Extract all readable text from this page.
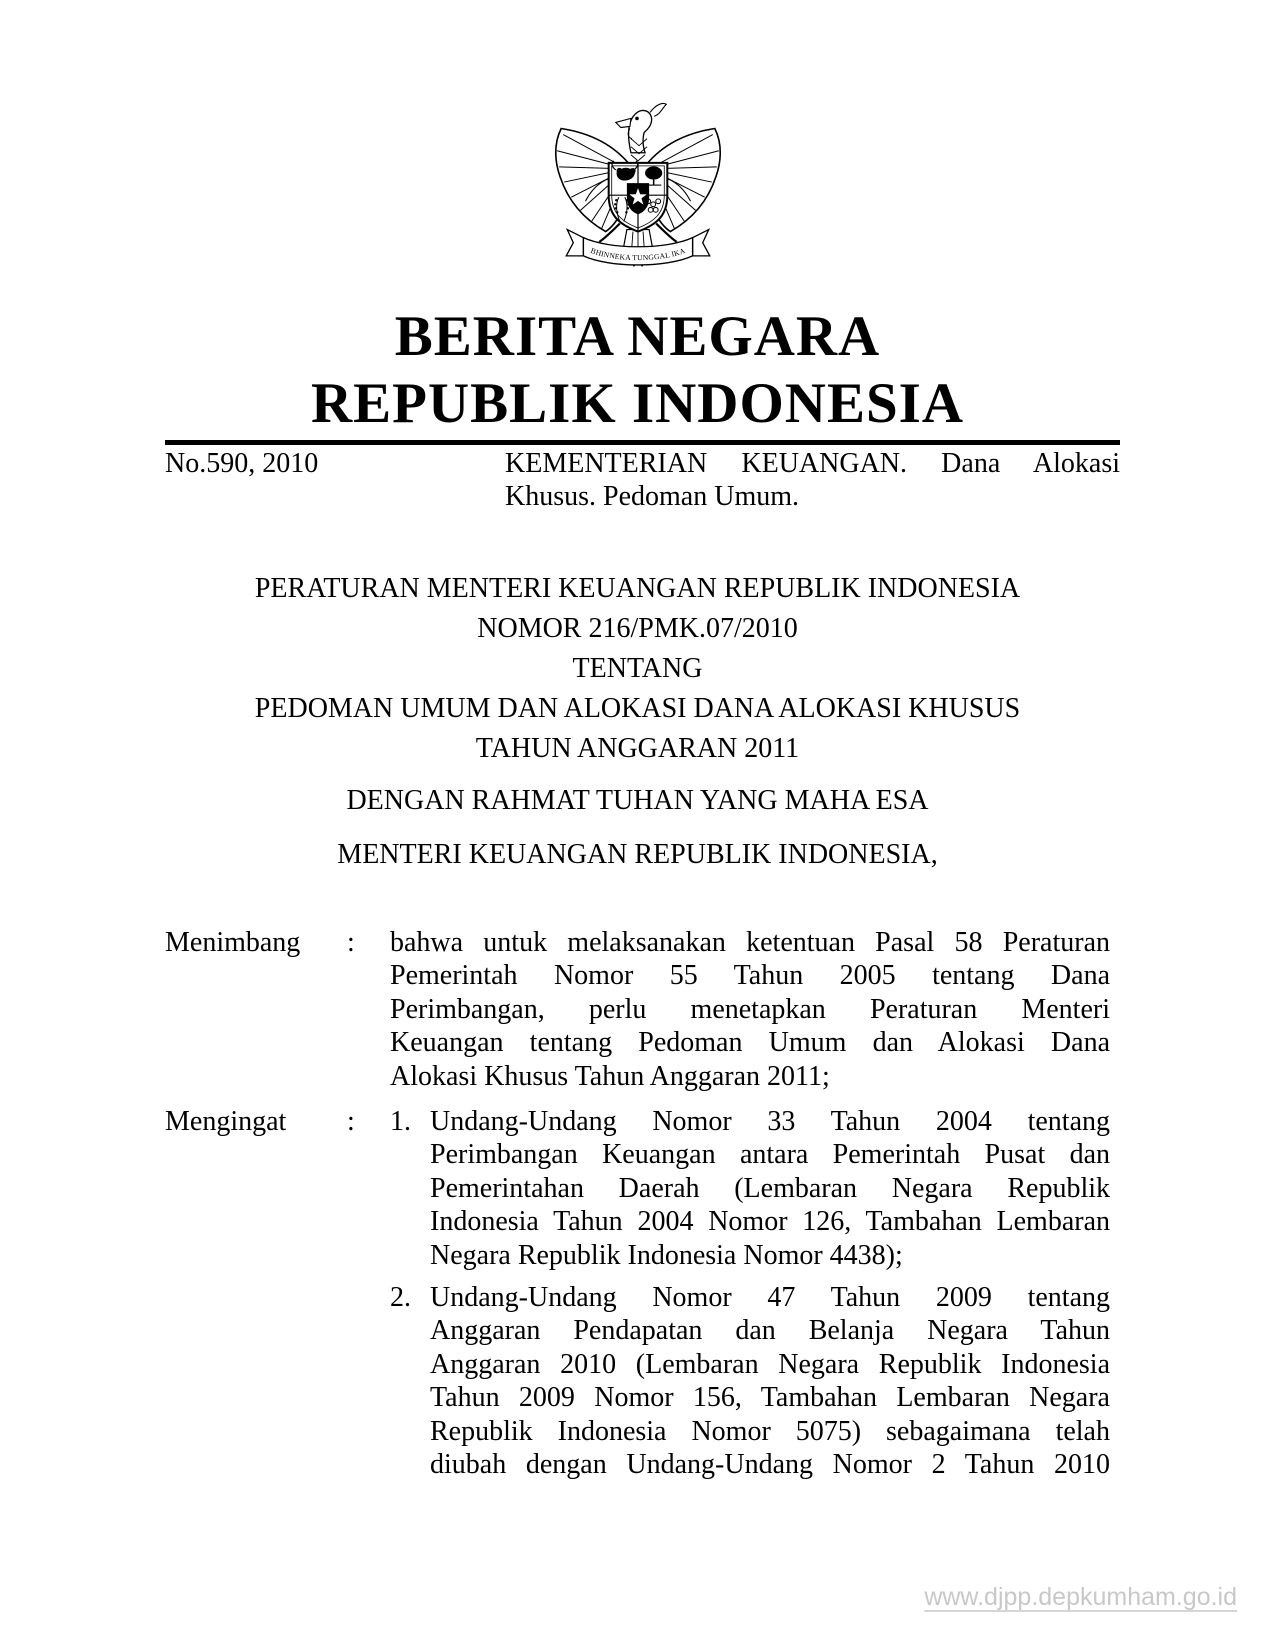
BHINNEKA TUNGGAL IKA
BERITA NEGARA
REPUBLIK INDONESIA
No.590, 2010	KEMENTERIAN KEUANGAN. Dana Alokasi
Khusus. Pedoman Umum.
PERATURAN MENTERI KEUANGAN REPUBLIK INDONESIA
NOMOR 216/PMK.07/2010
TENTANG
PEDOMAN UMUM DAN ALOKASI DANA ALOKASI KHUSUS
TAHUN ANGGARAN 2011
DENGAN RAHMAT TUHAN YANG MAHA ESA
MENTERI KEUANGAN REPUBLIK INDONESIA,
Menimbang	:	bahwa untuk melaksanakan ketentuan Pasal 58 Peraturan
Pemerintah Nomor 55 Tahun 2005 tentang Dana
Perimbangan, perlu menetapkan Peraturan Menteri
Keuangan tentang Pedoman Umum dan Alokasi Dana
Alokasi Khusus Tahun Anggaran 2011;
Mengingat	:	1. Undang-Undang Nomor 33 Tahun 2004 tentang
Perimbangan Keuangan antara Pemerintah Pusat dan
Pemerintahan Daerah (Lembaran Negara Republik
Indonesia Tahun 2004 Nomor 126, Tambahan Lembaran
Negara Republik Indonesia Nomor 4438);
2. Undang-Undang Nomor 47 Tahun 2009 tentang
Anggaran Pendapatan dan Belanja Negara Tahun
Anggaran 2010 (Lembaran Negara Republik Indonesia
Tahun 2009 Nomor 156, Tambahan Lembaran Negara
Republik Indonesia Nomor 5075) sebagaimana telah
diubah dengan Undang-Undang Nomor 2 Tahun 2010
www.djpp.depkumham.go.id
